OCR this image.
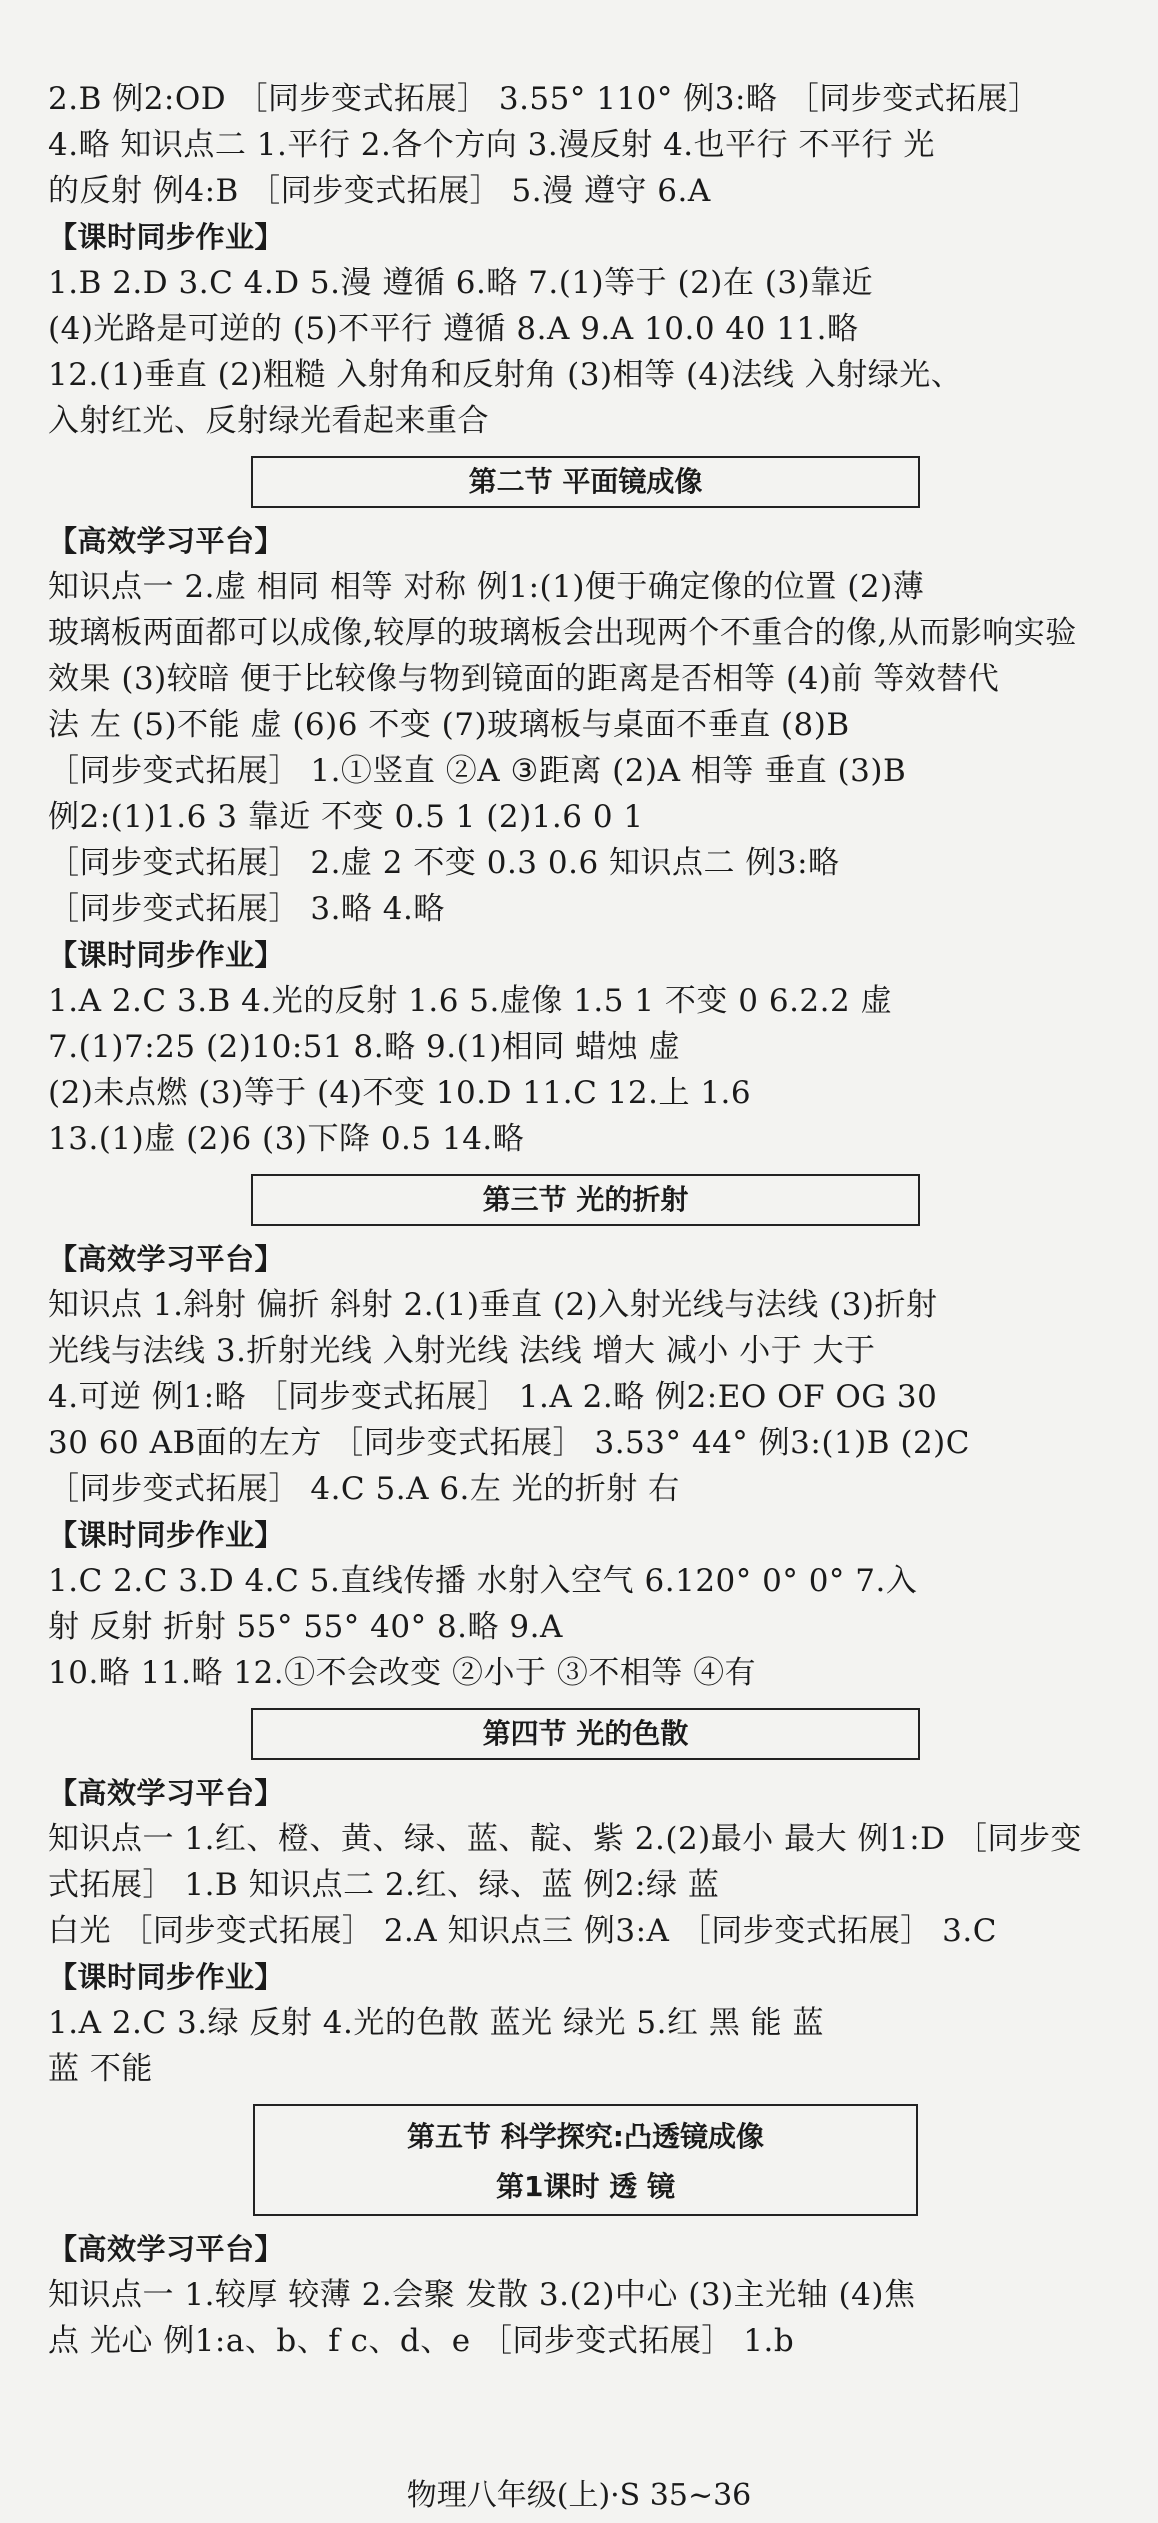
2.B 例2:OD ［同步变式拓展］ 3.55° 110° 例3:略 ［同步变式拓展］
4.略 知识点二 1.平行 2.各个方向 3.漫反射 4.也平行 不平行 光
的反射 例4:B ［同步变式拓展］ 5.漫 遵守 6.A
【课时同步作业】
1.B 2.D 3.C 4.D 5.漫 遵循 6.略 7.(1)等于 (2)在 (3)靠近
(4)光路是可逆的 (5)不平行 遵循 8.A 9.A 10.0 40 11.略
12.(1)垂直 (2)粗糙 入射角和反射角 (3)相等 (4)法线 入射绿光、
入射红光、反射绿光看起来重合
第二节 平面镜成像
【高效学习平台】
知识点一 2.虚 相同 相等 对称 例1:(1)便于确定像的位置 (2)薄
玻璃板两面都可以成像,较厚的玻璃板会出现两个不重合的像,从而影响实验
效果 (3)较暗 便于比较像与物到镜面的距离是否相等 (4)前 等效替代
法 左 (5)不能 虚 (6)6 不变 (7)玻璃板与桌面不垂直 (8)B
［同步变式拓展］ 1.①竖直 ②A ③距离 (2)A 相等 垂直 (3)B
例2:(1)1.6 3 靠近 不变 0.5 1 (2)1.6 0 1
［同步变式拓展］ 2.虚 2 不变 0.3 0.6 知识点二 例3:略
［同步变式拓展］ 3.略 4.略
【课时同步作业】
1.A 2.C 3.B 4.光的反射 1.6 5.虚像 1.5 1 不变 0 6.2.2 虚
7.(1)7:25 (2)10:51 8.略 9.(1)相同 蜡烛 虚
(2)未点燃 (3)等于 (4)不变 10.D 11.C 12.上 1.6
13.(1)虚 (2)6 (3)下降 0.5 14.略
第三节 光的折射
【高效学习平台】
知识点 1.斜射 偏折 斜射 2.(1)垂直 (2)入射光线与法线 (3)折射
光线与法线 3.折射光线 入射光线 法线 增大 减小 小于 大于
4.可逆 例1:略 ［同步变式拓展］ 1.A 2.略 例2:EO OF OG 30
30 60 AB面的左方 ［同步变式拓展］ 3.53° 44° 例3:(1)B (2)C
［同步变式拓展］ 4.C 5.A 6.左 光的折射 右
【课时同步作业】
1.C 2.C 3.D 4.C 5.直线传播 水射入空气 6.120° 0° 0° 7.入
射 反射 折射 55° 55° 40° 8.略 9.A
10.略 11.略 12.①不会改变 ②小于 ③不相等 ④有
第四节 光的色散
【高效学习平台】
知识点一 1.红、橙、黄、绿、蓝、靛、紫 2.(2)最小 最大 例1:D ［同步变
式拓展］ 1.B 知识点二 2.红、绿、蓝 例2:绿 蓝
白光 ［同步变式拓展］ 2.A 知识点三 例3:A ［同步变式拓展］ 3.C
【课时同步作业】
1.A 2.C 3.绿 反射 4.光的色散 蓝光 绿光 5.红 黑 能 蓝
蓝 不能
第五节 科学探究:凸透镜成像
第1课时 透 镜
【高效学习平台】
知识点一 1.较厚 较薄 2.会聚 发散 3.(2)中心 (3)主光轴 (4)焦
点 光心 例1:a、b、f c、d、e ［同步变式拓展］ 1.b
物理八年级(上)·S 35~36
